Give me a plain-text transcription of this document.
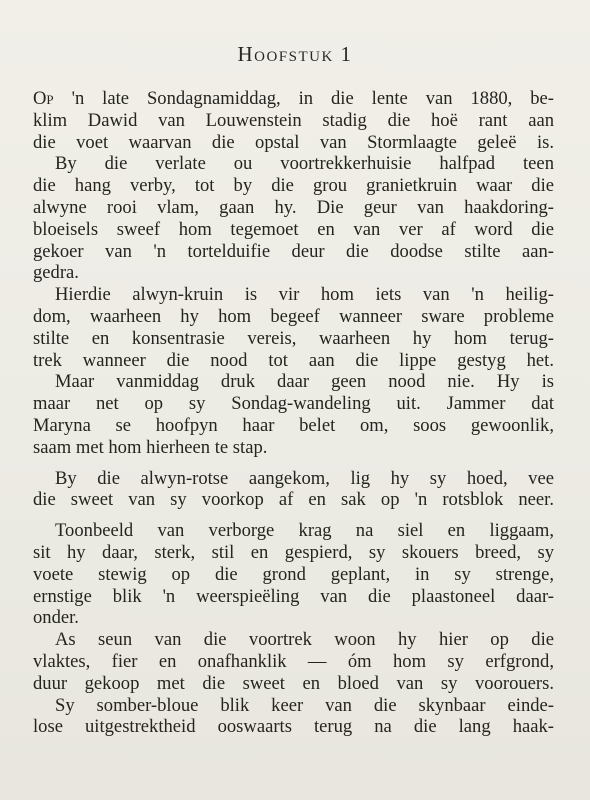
Hoofstuk 1
Op 'n late Sondagnamiddag, in die lente van 1880, be-
klim Dawid van Louwenstein stadig die hoë rant aan
die voet waarvan die opstal van Stormlaagte geleë is.
By die verlate ou voortrekkerhuisie halfpad teen
die hang verby, tot by die grou granietkruin waar die
alwyne rooi vlam, gaan hy. Die geur van haakdoring-
bloeisels sweef hom tegemoet en van ver af word die
gekoer van 'n tortelduifie deur die doodse stilte aan-
gedra.
Hierdie alwyn-kruin is vir hom iets van 'n heilig-
dom, waarheen hy hom begeef wanneer sware probleme
stilte en konsentrasie vereis, waarheen hy hom terug-
trek wanneer die nood tot aan die lippe gestyg het.
Maar vanmiddag druk daar geen nood nie. Hy is
maar net op sy Sondag-wandeling uit. Jammer dat
Maryna se hoofpyn haar belet om, soos gewoonlik,
saam met hom hierheen te stap.
By die alwyn-rotse aangekom, lig hy sy hoed, vee
die sweet van sy voorkop af en sak op 'n rotsblok neer.
Toonbeeld van verborge krag na siel en liggaam,
sit hy daar, sterk, stil en gespierd, sy skouers breed, sy
voete stewig op die grond geplant, in sy strenge,
ernstige blik 'n weerspieëling van die plaastoneel daar-
onder.
As seun van die voortrek woon hy hier op die
vlaktes, fier en onafhanklik — óm hom sy erfgrond,
duur gekoop met die sweet en bloed van sy voorouers.
Sy somber-bloue blik keer van die skynbaar einde-
lose uitgestrektheid ooswaarts terug na die lang haak-
